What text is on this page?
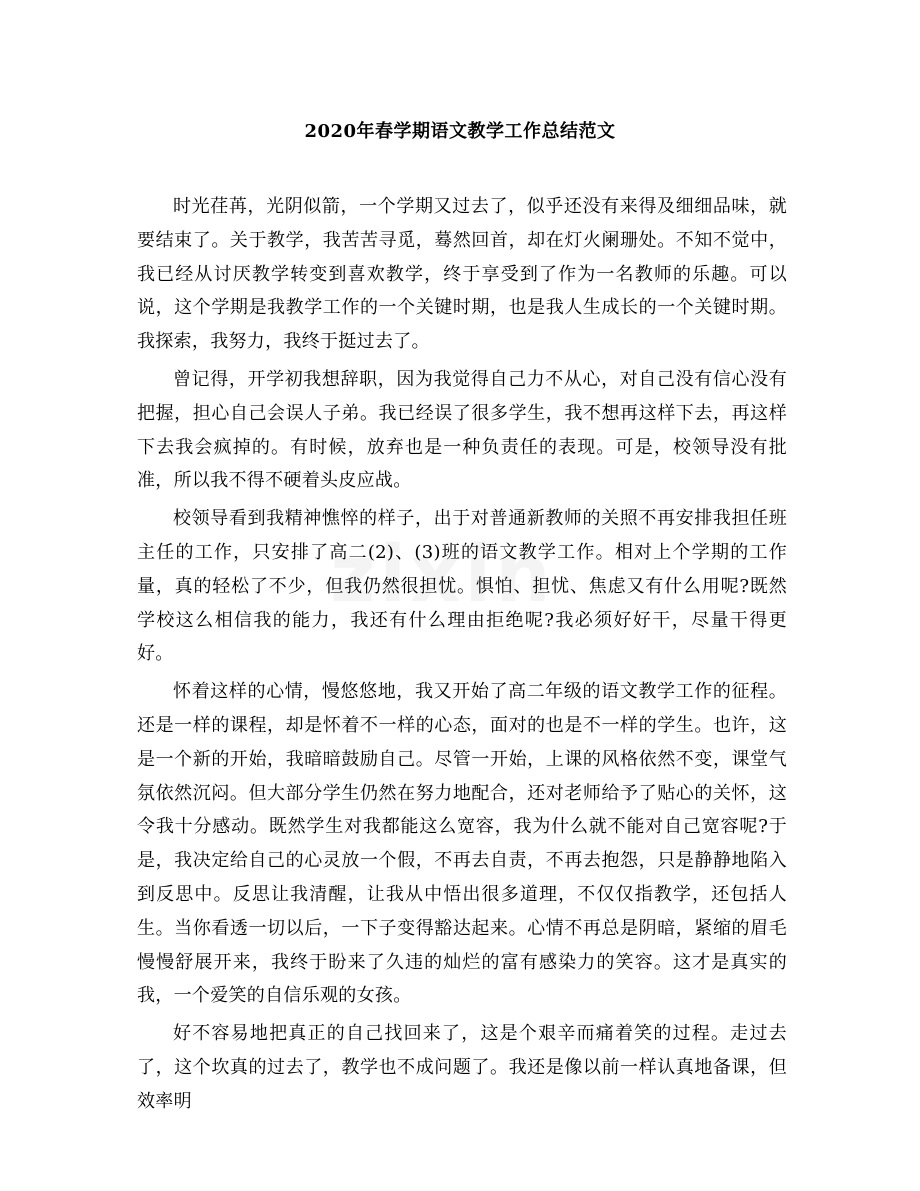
2020年春学期语文教学工作总结范文

时光荏苒，光阴似箭，一个学期又过去了，似乎还没有来得及细细品味，就要结束了。关于教学，我苦苦寻觅，蓦然回首，却在灯火阑珊处。不知不觉中，我已经从讨厌教学转变到喜欢教学，终于享受到了作为一名教师的乐趣。可以说，这个学期是我教学工作的一个关键时期，也是我人生成长的一个关键时期。我探索，我努力，我终于挺过去了。

曾记得，开学初我想辞职，因为我觉得自己力不从心，对自己没有信心没有把握，担心自己会误人子弟。我已经误了很多学生，我不想再这样下去，再这样下去我会疯掉的。有时候，放弃也是一种负责任的表现。可是，校领导没有批准，所以我不得不硬着头皮应战。

校领导看到我精神憔悴的样子，出于对普通新教师的关照不再安排我担任班主任的工作，只安排了高二(2)、(3)班的语文教学工作。相对上个学期的工作量，真的轻松了不少，但我仍然很担忧。惧怕、担忧、焦虑又有什么用呢?既然学校这么相信我的能力，我还有什么理由拒绝呢?我必须好好干，尽量干得更好。

怀着这样的心情，慢悠悠地，我又开始了高二年级的语文教学工作的征程。还是一样的课程，却是怀着不一样的心态，面对的也是不一样的学生。也许，这是一个新的开始，我暗暗鼓励自己。尽管一开始，上课的风格依然不变，课堂气氛依然沉闷。但大部分学生仍然在努力地配合，还对老师给予了贴心的关怀，这令我十分感动。既然学生对我都能这么宽容，我为什么就不能对自己宽容呢?于是，我决定给自己的心灵放一个假，不再去自责，不再去抱怨，只是静静地陷入到反思中。反思让我清醒，让我从中悟出很多道理，不仅仅指教学，还包括人生。当你看透一切以后，一下子变得豁达起来。心情不再总是阴暗，紧缩的眉毛慢慢舒展开来，我终于盼来了久违的灿烂的富有感染力的笑容。这才是真实的我，一个爱笑的自信乐观的女孩。

好不容易地把真正的自己找回来了，这是个艰辛而痛着笑的过程。走过去了，这个坎真的过去了，教学也不成问题了。我还是像以前一样认真地备课，但效率明
